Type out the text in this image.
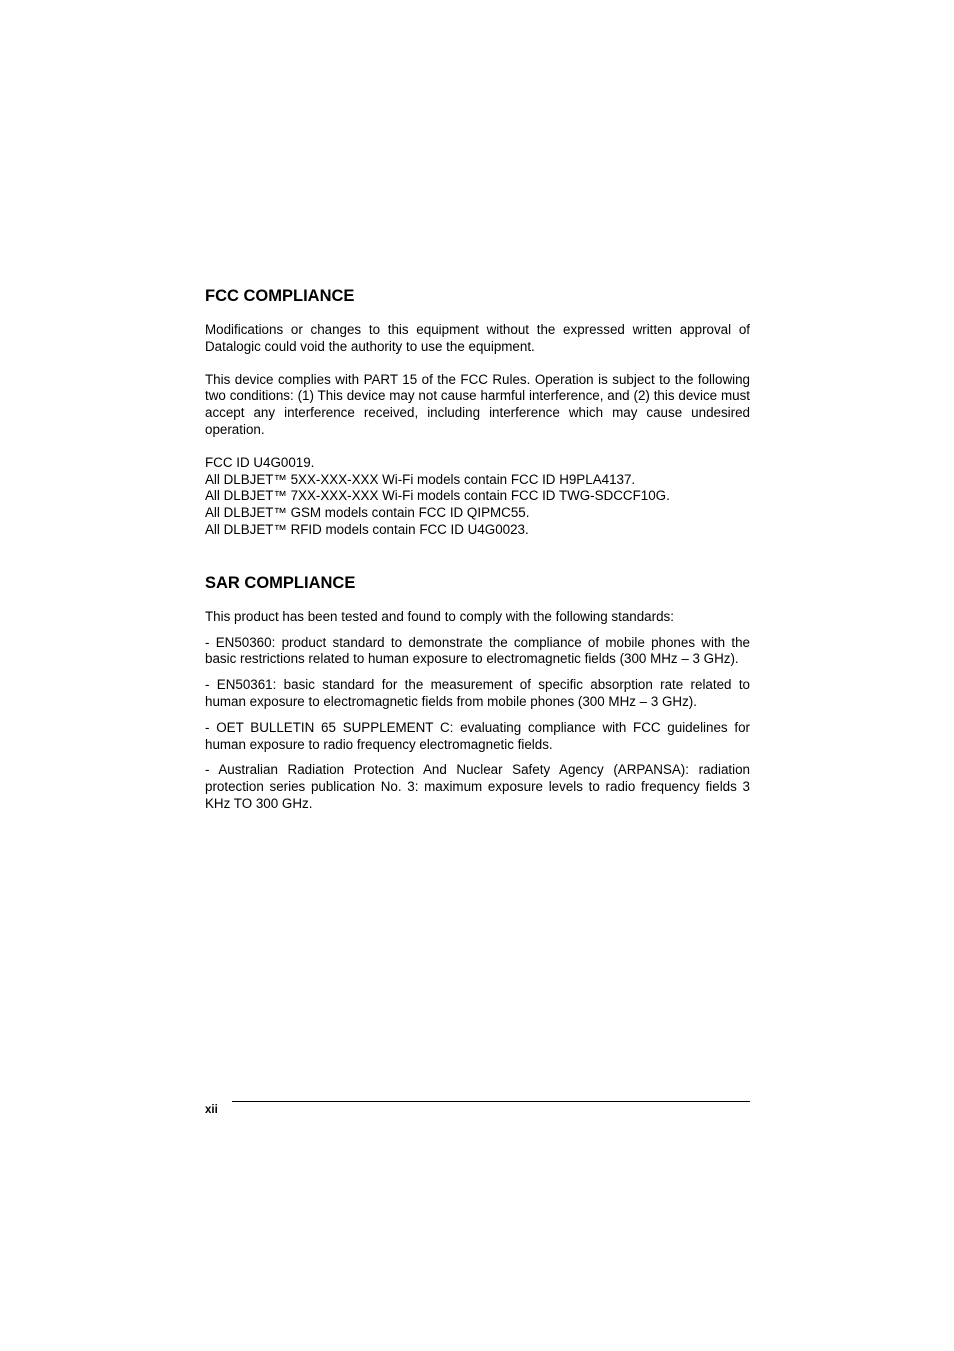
FCC COMPLIANCE

Modifications or changes to this equipment without the expressed written approval of Datalogic could void the authority to use the equipment.

This device complies with PART 15 of the FCC Rules. Operation is subject to the following two conditions: (1) This device may not cause harmful interference, and (2) this device must accept any interference received, including interference which may cause undesired operation.

FCC ID U4G0019.

All DLBJET™ 5XX-XXX-XXX Wi-Fi models contain FCC ID H9PLA4137.

All DLBJET™ 7XX-XXX-XXX Wi-Fi models contain FCC ID TWG-SDCCF10G.

All DLBJET™ GSM models contain FCC ID QIPMC55.

All DLBJET™ RFID models contain FCC ID U4G0023.

SAR COMPLIANCE

This product has been tested and found to comply with the following standards:

- EN50360: product standard to demonstrate the compliance of mobile phones with the basic restrictions related to human exposure to electromagnetic fields (300 MHz – 3 GHz).

- EN50361: basic standard for the measurement of specific absorption rate related to human exposure to electromagnetic fields from mobile phones (300 MHz – 3 GHz).

- OET BULLETIN 65 SUPPLEMENT C: evaluating compliance with FCC guidelines for human exposure to radio frequency electromagnetic fields.

- Australian Radiation Protection And Nuclear Safety Agency (ARPANSA): radiation protection series publication No. 3: maximum exposure levels to radio frequency fields 3 KHz TO 300 GHz.

xii
